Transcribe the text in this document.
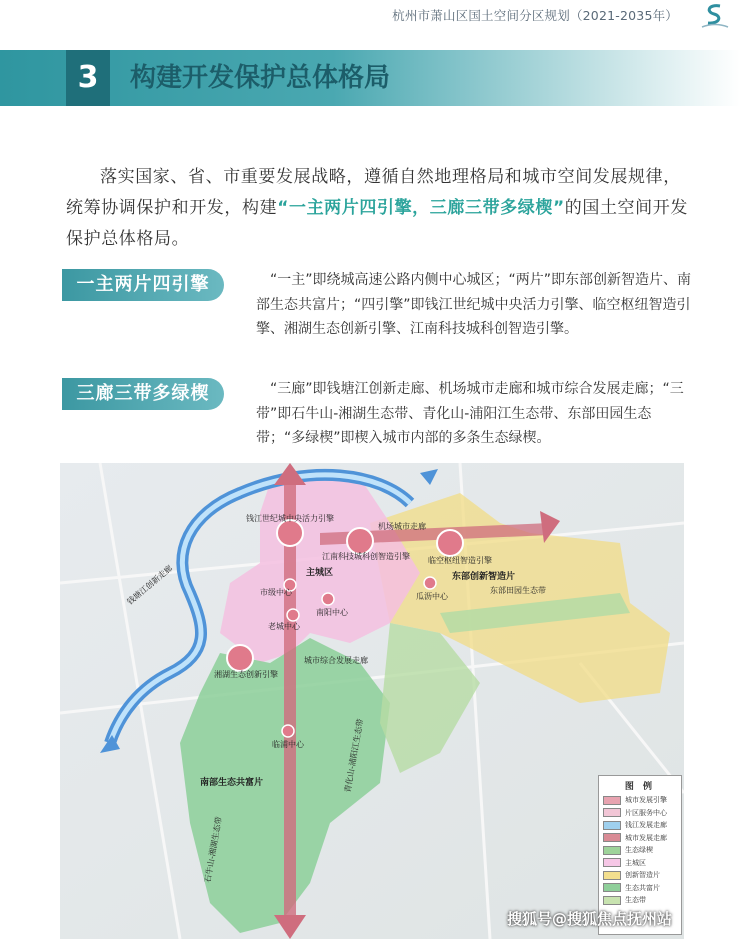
杭州市萧山区国土空间分区规划（2021-2035年）
3	构建开发保护总体格局
落实国家、省、市重要发展战略，遵循自然地理格局和城市空间发展规律，统筹协调保护和开发，构建“一主两片四引擎，三廊三带多绿楔”的国土空间开发保护总体格局。
一主两片四引擎	“一主”即绕城高速公路内侧中心城区；“两片”即东部创新智造片、南部生态共富片；“四引擎”即钱江世纪城中央活力引擎、临空枢纽智造引擎、湘湖生态创新引擎、江南科技城科创智造引擎。
三廊三带多绿楔	“三廊”即钱塘江创新走廊、机场城市走廊和城市综合发展走廊；“三带”即石牛山-湘湖生态带、青化山-浦阳江生态带、东部田园生态带；“多绿楔”即楔入城市内部的多条生态绿楔。
钱江世纪城中央活力引擎
江南科技城科创智造引擎
机场城市走廊
临空枢纽智造引擎
主城区	东部创新智造片
东部田园生态带
瓜沥中心
市级中心
南阳中心
老城中心
湘湖生态创新引擎
钱塘江创新走廊
城市综合发展走廊
临浦中心
南部生态共富片
石牛山-湘湖生态带
青化山-浦阳江生态带	图 例
城市发展引擎
片区服务中心
钱江发展走廊
城市发展走廊
生态绿楔
主城区
创新智造片
生态共富片
生态带
搜狐号@搜狐焦点抚州站
